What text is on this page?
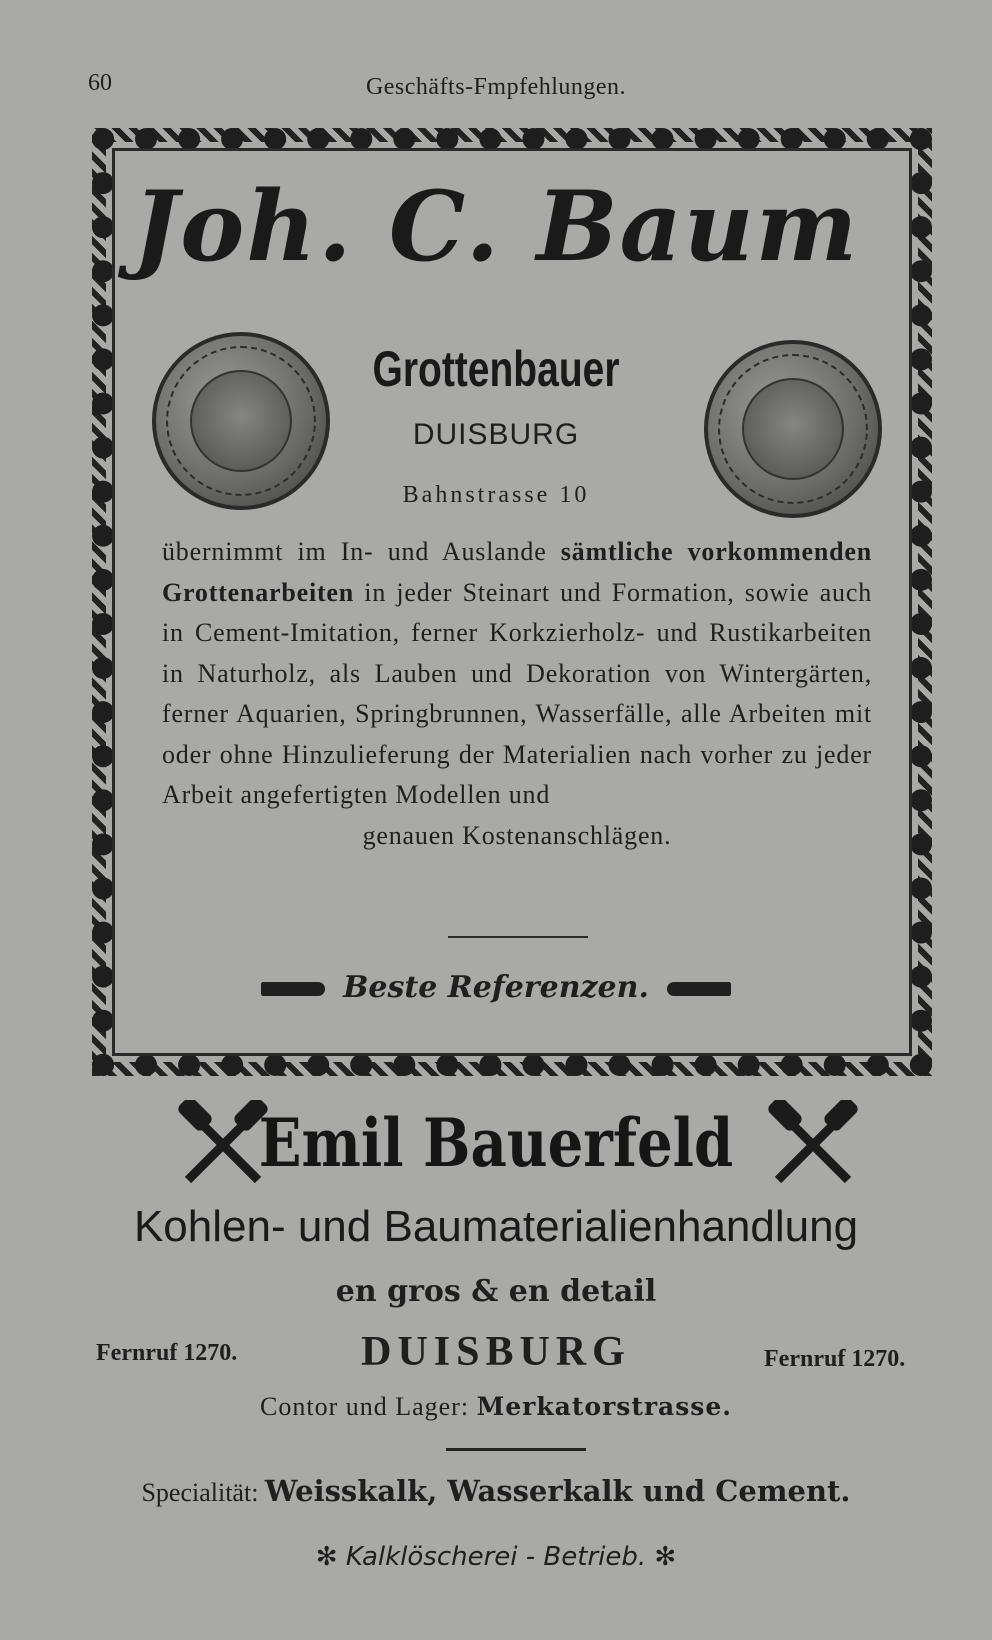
60	Geschäfts-Fmpfehlungen.
Joh. C. Baum
Grottenbauer
DUISBURG
Bahnstrasse 10
übernimmt im In- und Auslande sämtliche vorkommenden Grottenarbeiten in jeder Steinart und Formation, sowie auch in Cement-Imitation, ferner Korkzierholz- und Rustikarbeiten in Naturholz, als Lauben und Dekoration von Wintergärten, ferner Aquarien, Springbrunnen, Wasserfälle, alle Arbeiten mit oder ohne Hinzulieferung der Materialien nach vorher zu jeder Arbeit angefertigten Modellen und
genauen Kostenanschlägen.
Beste Referenzen.
Emil Bauerfeld
Kohlen- und Baumaterialienhandlung
en gros & en detail
Fernruf 1270.	DUISBURG	Fernruf 1270.
Contor und Lager: Merkatorstrasse.
Specialität: Weisskalk, Wasserkalk und Cement.
✻ Kalklöscherei - Betrieb. ✻
